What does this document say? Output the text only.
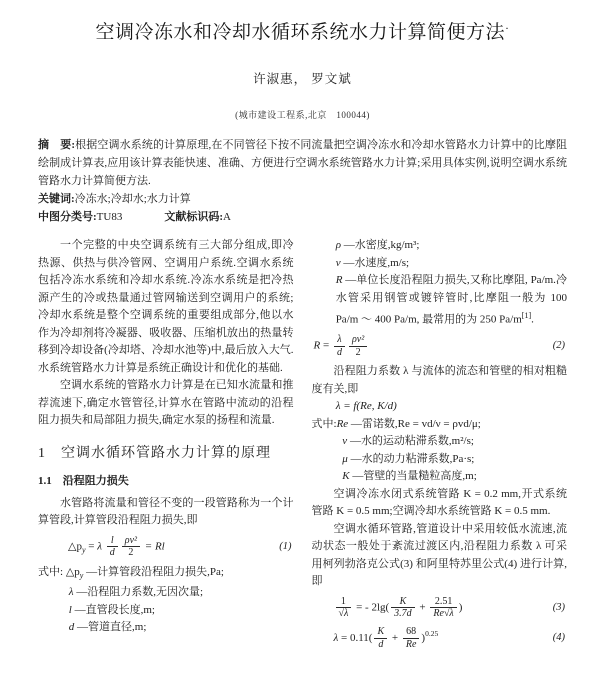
空调冷冻水和冷却水循环系统水力计算简便方法·
许淑惠， 罗文斌
(城市建设工程系,北京　100044)
摘　要:根据空调水系统的计算原理,在不同管径下按不同流量把空调冷冻水和冷却水管路水力计算中的比摩阻绘制成计算表,应用该计算表能快速、准确、方便进行空调水系统管路水力计算;采用具体实例,说明空调水系统管路水力计算简便方法.
关键词:冷冻水;冷却水;水力计算
中图分类号:TU83	文献标识码:A

一个完整的中央空调系统有三大部分组成,即冷热源、供热与供冷管网、空调用户系统.空调水系统包括冷冻水系统和冷却水系统.冷冻水系统是把冷热源产生的冷或热量通过管网输送到空调用户的系统;冷却水系统是整个空调系统的重要组成部分,他以水作为冷却剂将冷凝器、吸收器、压缩机放出的热量转移到冷却设备(冷却塔、冷却水池等)中,最后放入大气.水系统管路水力计算是系统正确设计和优化的基础.

空调水系统的管路水力计算是在已知水流量和推荐流速下,确定水管管径,计算水在管路中流动的沿程阻力损失和局部阻力损失,确定水泵的扬程和流量.

1　空调水循环管路水力计算的原理
1.1　沿程阻力损失

水管路将流量和管径不变的一段管路称为一个计算管段,计算管段沿程阻力损失,即

$\triangle p_y = \lambda \frac{l}{d} \frac{\text{ρv²}}{2} = Rl$	(1)
式中: $\triangle p_y$ —计算管段沿程阻力损失,Pa;
λ —沿程阻力系数,无因次量;
l —直管段长度,m;
d —管道直径,m;
ρ —水密度,kg/m³;
v —水速度,m/s;
R —单位长度沿程阻力损失,又称比摩阻, Pa/m.冷水管采用钢管或镀锌管时,比摩阻一般为 100 Pa/m ～ 400 Pa/m, 最常用的为 250 Pa/m[1].
$R = \frac{\lambda}{d} \frac{\text{ρv²}}{2}$	(2)

沿程阻力系数 λ 与流体的流态和管壁的相对粗糙度有关,即

λ = f(Re, K/d)
式中:Re —雷诺数,Re = vd/ν = ρvd/μ;
ν —水的运动粘滞系数,m²/s;
μ —水的动力粘滞系数,Pa·s;
K —管壁的当量糙粒高度,m;

空调冷冻水闭式系统管路 K = 0.2 mm,开式系统管路 K = 0.5 mm;空调冷却水系统管路 K = 0.5 mm.

空调水循环管路,管道设计中采用较低水流速,流动状态一般处于紊流过渡区内,沿程阻力系数 λ 可采用柯列勃洛克公式(3) 和阿里特苏里公式(4) 进行计算,即

$\frac{1}{√\lambda}$ = - $2\lg( \frac{K}{3.7d} + \frac{2.51}{Re√\lambda}$ )	(3)
$\lambda = 0.11( \frac{K}{d} + \frac{68}{Re} )^{0.25}$	(4)
